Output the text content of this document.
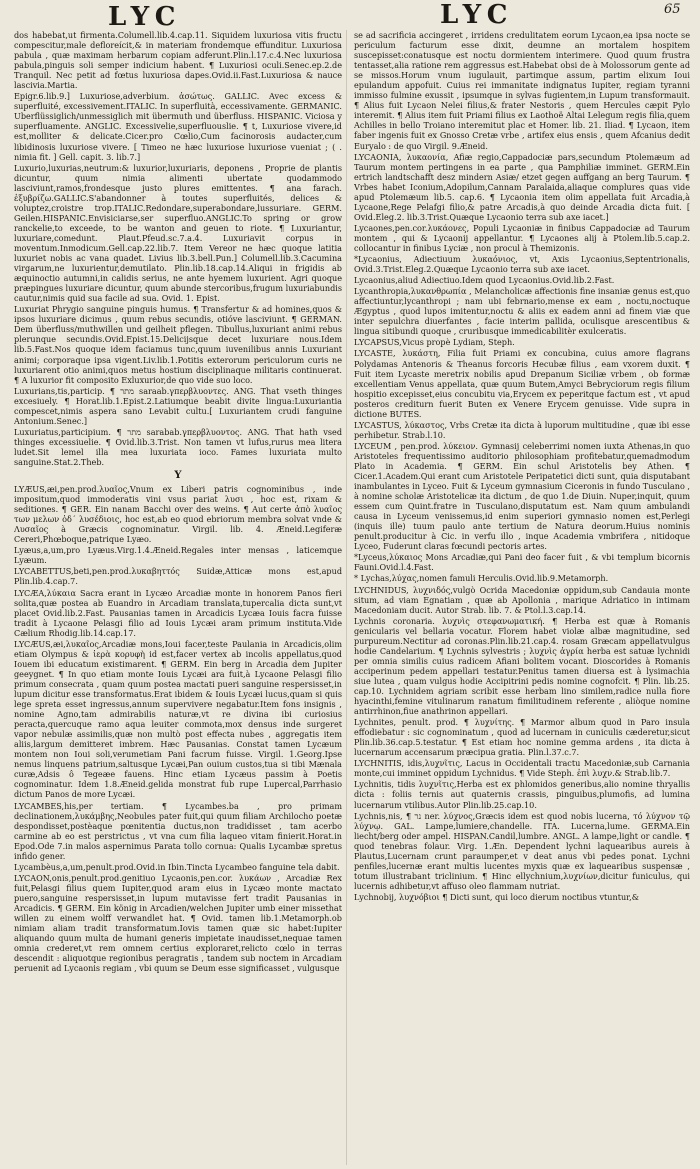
LYC	LYC	65

dos habebat,ut firmenta.Columell.lib.4.cap.11. Siquidem luxuriosa vitis fructu compescitur,male defloreícit,& in materiam frondemque effunditur. Luxuriosa pabula , quæ maximam herbarum copiam adferunt.Plin.l.17.c.4.Nec luxuriosa pabula,pinguis soli semper indicium habent. ¶ Luxuriosi oculi.Senec.ep.2.de Tranquil. Nec petit ad fœtus luxuriosa dapes.Ovid.ii.Fast.Luxuriosa & nauce lascivia.Martia.

Epigr.6.lib.9.] Luxuriose,adverbium. ἁσώτως. GALLIC. Avec excess & superfluité, excessivement.ITALIC. In superfluità, eccessivamente. GERMANIC. Uberflüssiglich/unmessiglich mit übermuth und überfluss. HISPANIC. Viciosa y superfluamente. ANGLIC. Excessivelie,superfluouslie. ¶ t, Luxuriose vivere,id est,molliter & delicate.Cicer.pro Cœlio,Cum facinorosis audacter,cum libidinosis luxuriose vivere. [ Timeo ne hæc luxuriose luxuriose vueniat ; ( . nimia fit. ] Gell. capit. 3. lib.7.]

Luxurio,luxurias,neutrum:& luxurior,luxuriaris, deponens , Proprie de plantis dicuntur, quum nimia alimenti ubertate quodammodo lasciviunt,ramos,frondesque justo plures emittentes. ¶ ana farach. ἐξυβρίζω.GALLIC.S'abandonner à toutes superfluités, delices & voluptez,croistre trop.ITALIC.Redondare,superabondare,lussuriare. GERM. Geilen.HISPANIC.Envisiciarse,ser superfluo.ANGLIC.To spring or grow ranckelie,to exceede, to be wanton and geuen to riote. ¶ Luxuriantur, luxuriare,comedunt. Plaut.Pfeud.sc.7.a.4. Luxuriavit corpus in moventum.Inmodicum.Gell.cap.22.lib.7. Item Vereor ne hæc quoque latitia luxuriet nobis ac vana quadet. Livius lib.3.bell.Pun.] Columell.lib.3.Cacumina virgarum,ne luxurientur,demutilato. Plin.lib.18.cap.14.Aliqui in frigidis ab æquinoctio autumni,in calidis serius, ne ante hyemem luxurient. Agri quoque præpingues luxuriare dicuntur, quum abunde stercoribus,frugum luxuriabundis cautur,nimis quid sua facile ad sua. Ovid. 1. Epist.

Luxuriat Phrygio sanguine pinguis humus. ¶ Transfertur & ad homines,quos & ipsos luxuriare dicimus , quum rebus secundis, otióve lasciviunt. ¶ GERMAN. Dem überfluss/muthwillen und geilheit pflegen. Tibullus,luxuriant animi rebus plerunque secundis.Ovid.Epist.15.Delicijsque decet luxuriare nous.Idem lib.5.Fast.Nos quoque idem faciamus tunc,quum iuvenilibus annis Luxuriant animi; corporaque ipsa vigent.Liv.lib.1.Potitis exterorum periculorum curis ne luxuriarent otio animi,quos metus hostium disciplinaque militaris continuerat. ¶ A luxurior fit composito Exluxurior,de quo vide suo loco.

Luxurians,tis,particip. ¶ מתר saraab.γπερβλυοντες. ANG. That vseth thinges excesiuely. ¶ Horat.lib.1.Epist.2.Latiumque beabit divite lingua:Luxuriantia compescet,nimis aspera sano Levabit cultu.[ Luxuriantem crudi fanguine Antonium.Senec.]

Luxuriatus,participium. ¶ מתר sarabab.γπερβλυοντος. ANG. That hath vsed thinges excessiuelie. ¶ Ovid.lib.3.Trist. Non tamen vt lufus,rurus mea litera ludet.Sit lemel illa mea luxuriata ioco. Fames luxuriata multo sanguine.Stat.2.Theb.

Y

LYÆUS,æi,pen.prod.λυαῖος,Vnum ex Liberi patris cognominibus , inde impositum,quod immoderatis vini vsus pariat λυσι , hoc est, rixam & seditiones. ¶ GER. Ein nanam Bacchi over des weins. ¶ Aut certe ἀπὸ λυαῖος των μελων ὁδ΄ λυσέδιοις, hoc est,ab eo quod ebriorum membra solvat vnde & Λυσαῖος à Græcis cognominatur. Virgil. lib. 4. Æneid.Legiferæ Cereri,Phœboque,patrique Lyæo.

Lyæus,a,um,pro Lyæus.Virg.1.4.Æneid.Regales inter mensas , laticemque Lyæum.

LYCABETTUS,beti,pen.prod.λυκαβηττός Suidæ,Atticæ mons est,apud Plin.lib.4.cap.7.

LYCÆA,λύκαια Sacra erant in Lycæo Arcadiæ monte in honorem Panos fieri solita,quæ postea ab Euandro in Arcadiam translata,tupercalia dicta sunt,vt placet Ovid.lib.2.Fast. Pausanias tamen in Arcadicis Lycæa Iouis facra fuisse tradit à Lycaone Pelasgi filio ad Iouis Lycæi aram primum instituta.Vide Cælium Rhodig.lib.14.cap.17.

LYCÆUS,æi,λυκαῖος,Arcadiæ mons,Ioui facer,teste Paulania in Arcadicis,olim etiam Olympus & ἱερὰ κορυφὴ id est,facer vertex ab incolis appellatus,quod Iouem ibi educatum existimarent. ¶ GERM. Ein berg in Arcadia dem Jupiter geeygnet. ¶ In quo etiam monte Iouis Lycæi ara fuit,à Lycaone Pelasgi filio primum consecrata , quam quum postea mactati pueri sanguine respersisset,in lupum dicitur esse transformatus.Erat ibidem & Iouis Lycæi lucus,quam si quis lege spreta esset ingressus,annum supervivere negabatur.Item fons insignis , nomine Agno,tam admirabilis naturæ,vt re divina ibi curiosius peracta,quercuque ramo aqua leuiter commota,mox densus inde surgeret vapor nebulæ assimilis,quæ non multò post effecta nubes , aggregatis item aliis,largum demitteret imbrem. Hæc Pausanias. Constat tamen Lycæum montem non Ioui soli,verumetiam Pani facrum fuisse. Virgil. 1.Georg.Ipse nemus linquens patrium,saltusque Lycæi,Pan ouium custos,tua si tibi Mænala curæ,Adsis ô Tegeæe fauens. Hinc etiam Lycæus passim à Poetis cognominatur. Idem 1.8.Æneid.gelida monstrat fub rupe Lupercal,Parrhasio dictum Panos de more Lycæi.

LYCAMBES,his,per tertiam. ¶ Lycambes.ba , pro primam declinationem,λυκάμβης,Neobules pater fuit,qui quum filiam Archilocho poetæ despondisset,postèaque pœnitentia ductus,non tradidisset , tam acerbo carmine ab eo est perstrictus , vt vna cum filia laqueo vitam finierit.Horat.in Epod.Ode 7.in malos aspernimus Parata tollo cornua: Qualis Lycambæ spretus infido gener.

Lycambèus,a,um,penult.prod.Ovid.in Ibin.Tincta Lycambeo fanguine tela dabit.

LYCAON,onis,penult.prod.genitiuo Lycaonis,pen.cor. λυκάων , Arcadiæ Rex fuit,Pelasgi filius quem Iupiter,quod aram eius in Lycæo monte mactato puero,sanguine respersisset,in lupum mutavisse fert tradit Pausanias in Arcadicis. ¶ GERM. Ein könig in Arcadien/welchen Jupiter umb einer missethat willen zu einem wolff verwandlet hat. ¶ Ovid. tamen lib.1.Metamorph.ob nimiam aliam tradit transformatum.Iovis tamen quæ sic habet:Iupiter aliquando quum multa de humani generis impietate inaudisset,nequae tamen omnia crederet,vt rem omnem certius exploraret,relicto cœlo in terras descendit : aliquotque regionibus peragratis , tandem sub noctem in Arcadiam peruenit ad Lycaonis regiam , vbi quum se Deum esse significasset , vulgusque

se ad sacrificia accingeret , irridens credulitatem eorum Lycaon,ea ipsa nocte se periculum facturum esse dixit, deumne an mortalem hospitem suscepisset:conatusque est noctu dormientem interimere. Quod quum frustra tentasset,alia ratione rem aggressus est.Habebat obsi de à Molossorum gente ad se missos.Horum vnum iugulauit, partimque assum, partim elixum Ioui epulandum appofuit. Cuius rei immanitate indignatus Iupiter, regiam tyranni immisso fulmine exussit , ipsumque in sylvas fugientem,in Lupum transformauit. ¶ Alius fuit Lycaon Nelei filius,& frater Nestoris , quem Hercules cæpit Pylo interemit. ¶ Alius item fuit Priami filius ex Laothoë Altai Lelegum regis filia,quem Achilles in bello Troiano interemitut plac et Homer. lib. 21. Iliad. ¶ Lycaon, item faber ingenis fuit ex Gnosso Cretæ vrbe , artifex eius ensis , quem Afcanius dedit Euryalo : de quo Virgil. 9.Æneid.

LYCAONIA, λυκαονία, Afiæ regio,Cappadociæ pars,secundum Ptolemæum ad Taurum montem pertingens in ea parte , qua Pamphiliæ imminet. GERM.Ein ertrich landtschafft desz mindern Asiæ/ etzet gegen auffgang an berg Taurum. ¶ Vrbes habet Iconium,Adopilum,Cannam Paralaida,aliaque complures quas vide apud Ptolemæum lib.5. cap.6. ¶ Lycaonia item olim appellata fuit Arcadia,à Lycaone,Rege Pelafgi filio,& patre Arcadis,à quo deinde Arcadia dicta fuit. [ Ovid.Eleg.2. lib.3.Trist.Quæque Lycaonio terra sub axe iacet.]

Lycaones,pen.cor.λυκάονες, Populi Lycaoniæ in finibus Cappadociæ ad Taurum montem , qui & Lycaonij appellantur. ¶ Lycaones alij à Ptolem.lib.5.cap.2. collocantur in finibus Lyciæ , non procul à Themizonis.

*Lycaonius, Adiectiuum λυκαόνιος, vt, Axis Lycaonius,Septentrionalis, Ovid.3.Trist.Eleg.2.Quæque Lycaonio terra sub axe iacet.

Lycaonius,aliud Adiectiuo.Idem quod Lycaonius.Ovid.lib.2.Fast.

Lycanthropia,λυκανθρωπία , Melancholicæ affectionis fine insaniæ genus est,quo affectiuntur,lycanthropi ; nam ubi febrnario,mense ex eam , noctu,noctuque Ægyptus , quod lupos imitentur,noctu & aliis ex eadem anni ad finem viæ que inter sepulchra diuerfantes , facie interim pallida, oculisque arescentibus & lingua sitibundi quoque , cruribusque immedicabilitèr exulceratis.

LYCAPSUS,Vicus propè Lydiam, Steph.

LYCASTE, λυκάστη, Filia fuit Priami ex concubina, cuius amore flagrans Polydamas Antenoris & Theanus forcoris Hecubæ filius , eam vxorem duxit. ¶ Fuit item Lycaste meretrix nobilis apud Drepanum Siciliæ vrbem , ob formæ excellentiam Venus appellata, quæ quum Butem,Amyci Bebryciorum regis filium hospitio excepisset,eius concubitu via,Erycem ex peperitque factum est , vt apud posteros crediturn fuerit Buten ex Venere Erycem genuisse. Vide supra in dictione BUTES.

LYCASTUS, λύκαστος, Vrbs Cretæ ita dicta à luporum multitudine , quæ ibi esse perhibetur. Strab.l.10.

LYCEUM , pen.prod. λύκειον. Gymnasij celeberrimi nomen iuxta Athenas,in quo Aristoteles frequentissimo auditorio philosophiam profitebatur,quemadmodum Plato in Academia. ¶ GERM. Ein schul Aristotelis bey Athen. ¶ Cicer.1.Academ.Qui erant cum Aristotele Peripatetici dicti sunt, quia disputabant inambulantes in Lyceo. Fuit & Lyceum gymnasium Ciceronis in fundo Tusculano , à nomine scholæ Aristotelicæ ita dictum , de quo 1.de Diuin. Nuper,inquit, quum essem cum Quint.fratre in Tusculano,disputatum est. Nam quum ambulandi causa in Lyceum venissemus,id enim superiori gymnasio nomen est,Perlegi (inquis ille) tuum paulo ante tertium de Natura deorum.Huius nominis penult.producitur à Cic. in verfu illo , inque Academia vmbrifera , nitidoque Lyceo, Fuderunt claras fœcundi pectoris artes.

*Lyceus,λύκαιος Mons Arcadiæ,qui Pani deo facer fuit , & vbi templum bicornis Fauni.Ovid.l.4.Fast.

* Lychas,λύχας,nomen famuli Herculis.Ovid.lib.9.Metamorph.

LYCHNIDUS, λυχνιδός,vulgò Ocrida Macedoniæ oppidum,sub Candauia monte situm, ad viam Egnatiam , quæ ab Apollonia , marique Adriatico in intimam Macedoniam ducit. Autor Strab. lib. 7. & Ptol.l.3.cap.14.

Lychnis coronaria. λυχνὶς στεφανωματική. ¶ Herba est quæ à Romanis genicularis vel bellaria vocatur. Florem habet violæ albæ magnitudine, sed purpureum.Nectitur ad coronas.Plin.lib.21.cap.4. rosam Græcam appellatvulgus hodie Candelarium. ¶ Lychnis sylvestris ; λυχνὶς ἀγρία herba est satuæ lychnidi per omnia similis cuius radicem Afiani bolitem vocant. Dioscorides à Romanis acciperinum pedem appellari testatur.Penitus tamen diuersa est à lysimachia siue lutea , quam vulgus hodie Accipitrini pedis nomine cognofcit. ¶ Plin. lib.25. cap.10. Lychnidem agriam scribit esse herbam lino similem,radice nulla fiore hyacinthi,femine vitulinarum ranatum fimilitudinem referente , aliòque nomine antirrhinon,fiue anathrinon appellari.

Lychnites, penult. prod. ¶ λυχνίτης. ¶ Marmor album quod in Paro insula effodiebatur : sic cognominatum , quod ad lucernam in cuniculis cæderetur,sicut Plin.lib.36.cap.5.testatur. ¶ Est etiam hoc nomine gemma ardens , ita dicta à lucernarum accensarum præcipua gratia. Plin.l.37.c.7.

LYCHNITIS, idis,λυχνῖτις, Lacus in Occidentali tractu Macedoniæ,sub Carnania monte,cui imminet oppidum Lychnidus. ¶ Vide Steph. ἐπὶ λυχν.& Strab.lib.7.

Lychnitis, tidis λυχνῖτις,Herba est ex phlomidos generibus,alio nomine thryallis dicta : foliis ternis aut quaternis crassis, pinguibus,plumofis, ad lumina lucernarum vtilibus.Autor Plin.lib.25.cap.10.

Lychnis,nis, ¶ נר ner. λύχνος,Græcis idem est quod nobis lucerna, τό λύχνον τῷ λύχνῳ. GAL. Lampe,lumiere,chandelle. ITA. Lucerna,lume. GERMA.Ein liecht/berg oder ampel. HISPAN.Candil,lumbre. ANGL. A lampe,light or candle. ¶ quod tenebras folaur. Virg. 1.Æn. Dependent lychni laquearibus aureis à Plautus,Lucernam crunt paraumper,et v deat anus vbi pedes ponat. Lychni penfiles,lucernæ erant multis lucentes myxis quæ ex laquearibus suspensæ , totum illustrabant triclinium. ¶ Hinc ellychnium,λυχνίων,dicitur funiculus, qui lucernis adhibetur,vt affuso oleo flammam nutriat.

Lychnobij, λυχνόβιοι ¶ Dicti sunt, qui loco dierum noctibus vtuntur,&
